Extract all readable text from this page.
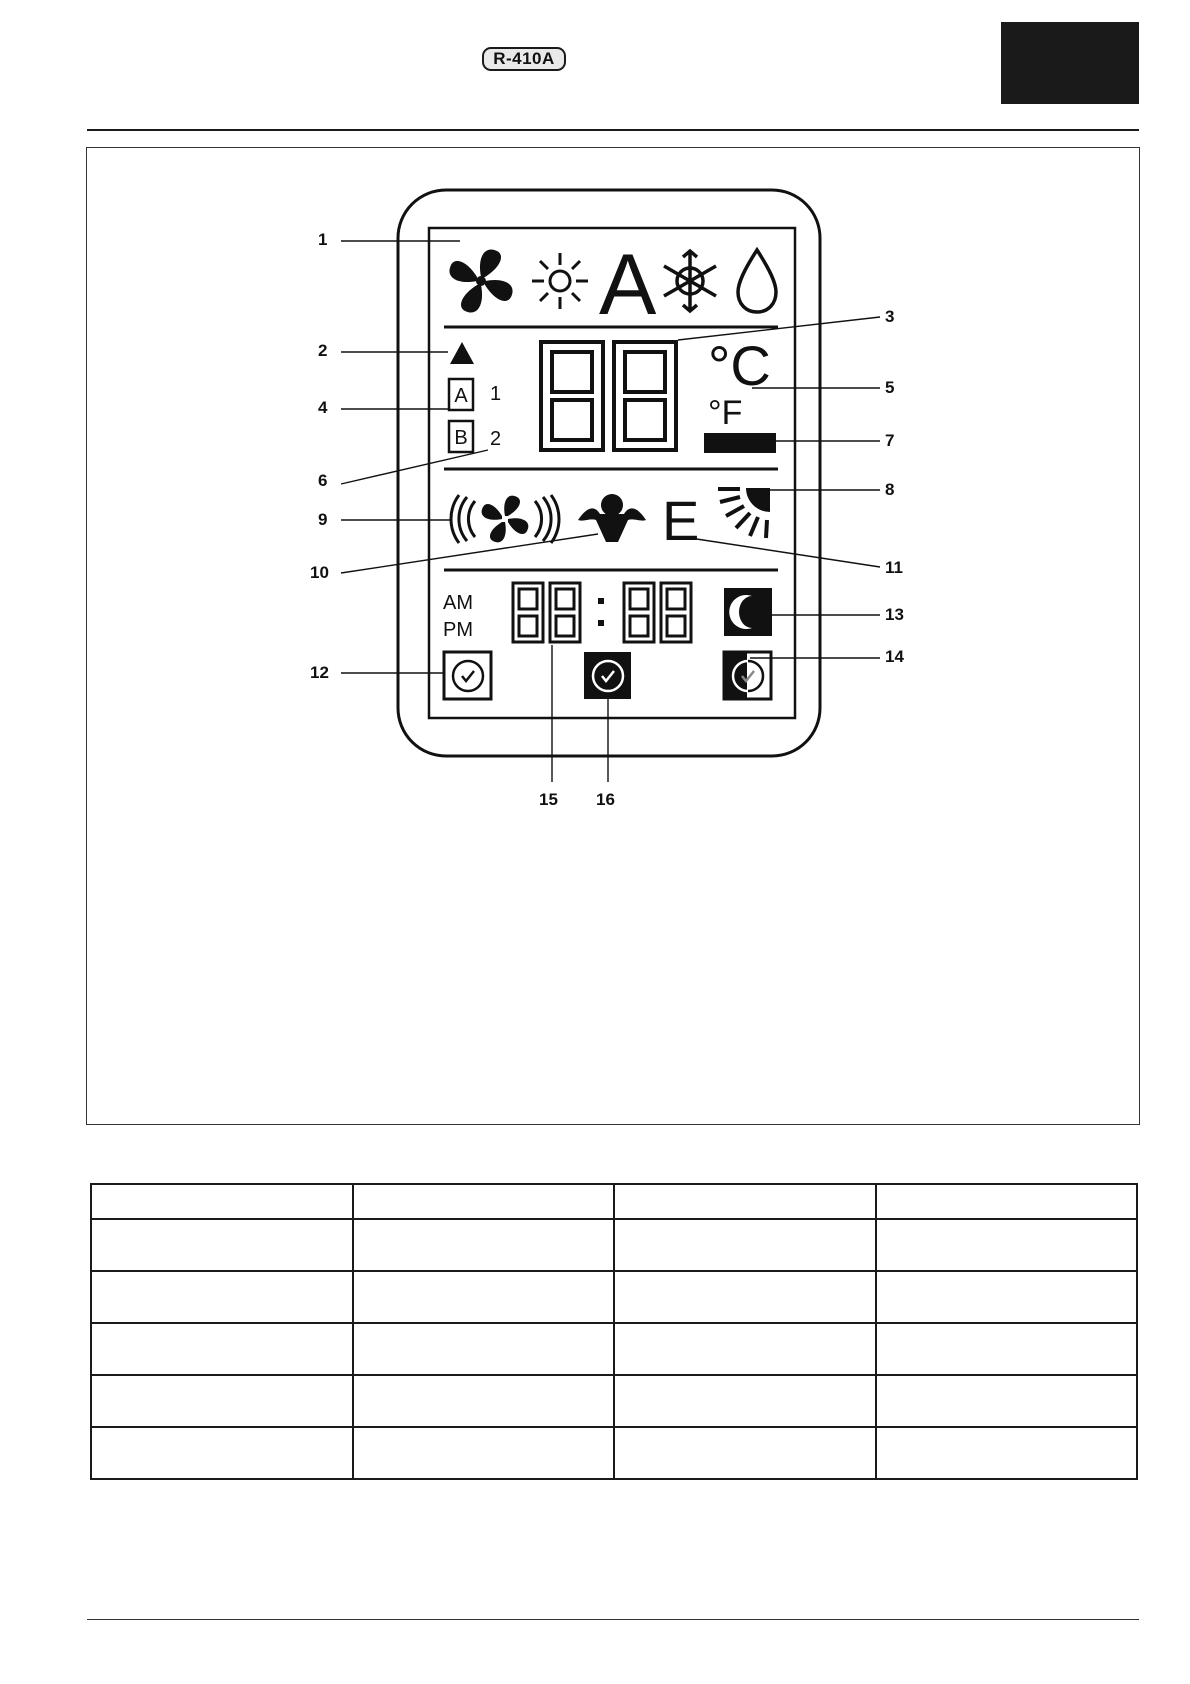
R-410A
A
A 1
B 2
°C
°F
E
AM
PM
1
2
3
4
5
6
7
8
9
10	11
12
13
14
15 16
